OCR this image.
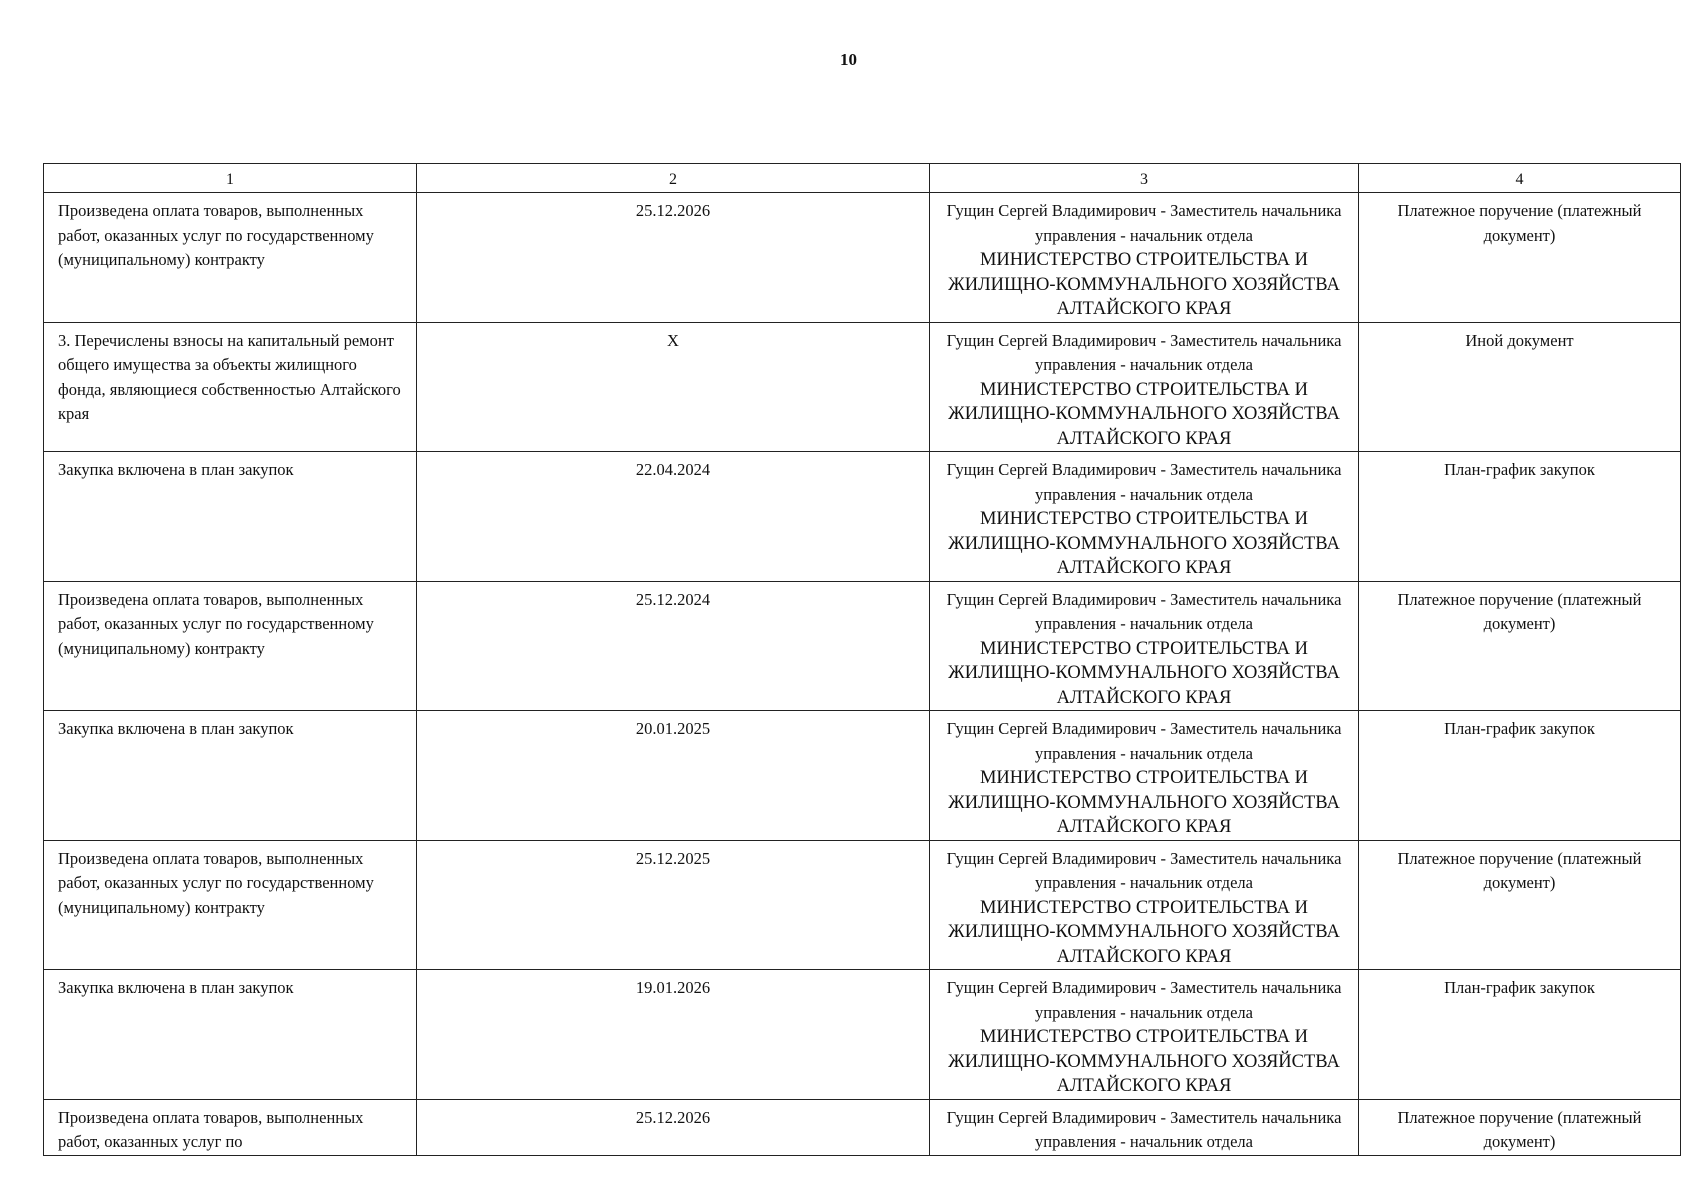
10
1	2	3	4

Произведена оплата товаров, выполненных работ, оказанных услуг по государственному (муниципальному) контракту	25.12.2026	Гущин Сергей Владимирович - Заместитель начальника управления - начальник отдела
МИНИСТЕРСТВО СТРОИТЕЛЬСТВА И ЖИЛИЩНО-КОММУНАЛЬНОГО ХОЗЯЙСТВА АЛТАЙСКОГО КРАЯ	Платежное поручение (платежный документ)

3. Перечислены взносы на капитальный ремонт общего имущества за объекты жилищного фонда, являющиеся собственностью Алтайского края	X	Гущин Сергей Владимирович - Заместитель начальника управления - начальник отдела
МИНИСТЕРСТВО СТРОИТЕЛЬСТВА И ЖИЛИЩНО-КОММУНАЛЬНОГО ХОЗЯЙСТВА АЛТАЙСКОГО КРАЯ	Иной документ

Закупка включена в план закупок	22.04.2024	Гущин Сергей Владимирович - Заместитель начальника управления - начальник отдела
МИНИСТЕРСТВО СТРОИТЕЛЬСТВА И ЖИЛИЩНО-КОММУНАЛЬНОГО ХОЗЯЙСТВА АЛТАЙСКОГО КРАЯ	План-график закупок

Произведена оплата товаров, выполненных работ, оказанных услуг по государственному (муниципальному) контракту	25.12.2024	Гущин Сергей Владимирович - Заместитель начальника управления - начальник отдела
МИНИСТЕРСТВО СТРОИТЕЛЬСТВА И ЖИЛИЩНО-КОММУНАЛЬНОГО ХОЗЯЙСТВА АЛТАЙСКОГО КРАЯ	Платежное поручение (платежный документ)

Закупка включена в план закупок	20.01.2025	Гущин Сергей Владимирович - Заместитель начальника управления - начальник отдела
МИНИСТЕРСТВО СТРОИТЕЛЬСТВА И ЖИЛИЩНО-КОММУНАЛЬНОГО ХОЗЯЙСТВА АЛТАЙСКОГО КРАЯ	План-график закупок

Произведена оплата товаров, выполненных работ, оказанных услуг по государственному (муниципальному) контракту	25.12.2025	Гущин Сергей Владимирович - Заместитель начальника управления - начальник отдела
МИНИСТЕРСТВО СТРОИТЕЛЬСТВА И ЖИЛИЩНО-КОММУНАЛЬНОГО ХОЗЯЙСТВА АЛТАЙСКОГО КРАЯ	Платежное поручение (платежный документ)

Закупка включена в план закупок	19.01.2026	Гущин Сергей Владимирович - Заместитель начальника управления - начальник отдела
МИНИСТЕРСТВО СТРОИТЕЛЬСТВА И ЖИЛИЩНО-КОММУНАЛЬНОГО ХОЗЯЙСТВА АЛТАЙСКОГО КРАЯ	План-график закупок

Произведена оплата товаров, выполненных работ, оказанных услуг по	25.12.2026	Гущин Сергей Владимирович - Заместитель начальника управления - начальник отдела	Платежное поручение (платежный документ)
